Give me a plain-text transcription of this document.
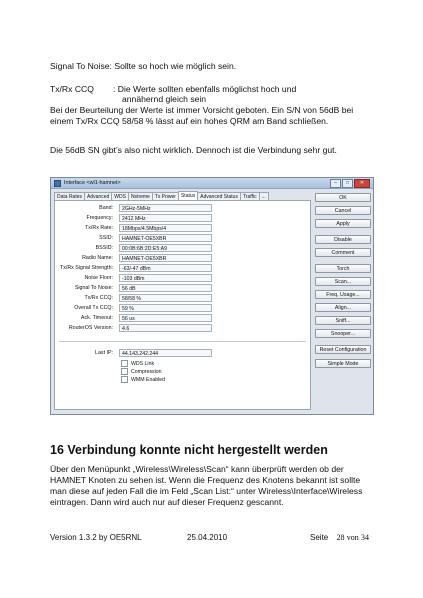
Signal To Noise: Sollte so hoch wie möglich sein.
Tx/Rx CCQ : Die Werte sollten ebenfalls möglichst hoch und
annähernd gleich sein
Bei der Beurteilung der Werte ist immer Vorsicht geboten. Ein S/N von 56dB bei einem Tx/Rx CCQ 58/58 % lässt auf ein hohes QRM am Band schließen.
Die 56dB SN gibt’s also nicht wirklich. Dennoch ist die Verbindung sehr gut.
Interface <wl1-hamnet>	–	□	✕
Data Rates	Advanced	WDS	Nstreme	Tx Power	Status	Advanced Status	Traffic	...
Band:	2GHz-5MHz
Frequency:	2412 MHz
Tx/Rx Rate:	18Mbps/4.5Mbps/4
SSID:	HAMNET-OE5XBR
BSSID:	00:0B:6B:2D:E5:A9
Radio Name:	HAMNET-OE5XBR
Tx/Rx Signal Strength:	-63/-47 dBm
Noise Floor:	-103 dBm
Signal To Noise:	56 dB
Tx/Rx CCQ:	58/58 %
Overall Tx CCQ:	59 %
Ack. Timeout:	56 us
RouterOS Version:	4.6
Last IP:	44.143.242.244
WDS Link
Compression
WMM Enabled
OK
Cancel
Apply
Disable
Comment
Torch
Scan...
Freq. Usage...
Align...
Sniff...
Snooper...
Reset Configuration
Simple Mode
16 Verbindung konnte nicht hergestellt werden
Über den Menüpunkt „Wireless\Wireless\Scan“ kann überprüft werden ob der HAMNET Knoten zu sehen ist. Wenn die Frequenz des Knotens bekannt ist sollte man diese auf jeden Fall die im Feld „Scan List:“ unter Wireless\Interface\Wireless eintragen. Dann wird auch nur auf dieser Frequenz gescannt.
Version 1.3.2 by OE5RNL	25.04.2010	Seite 28 von 34
